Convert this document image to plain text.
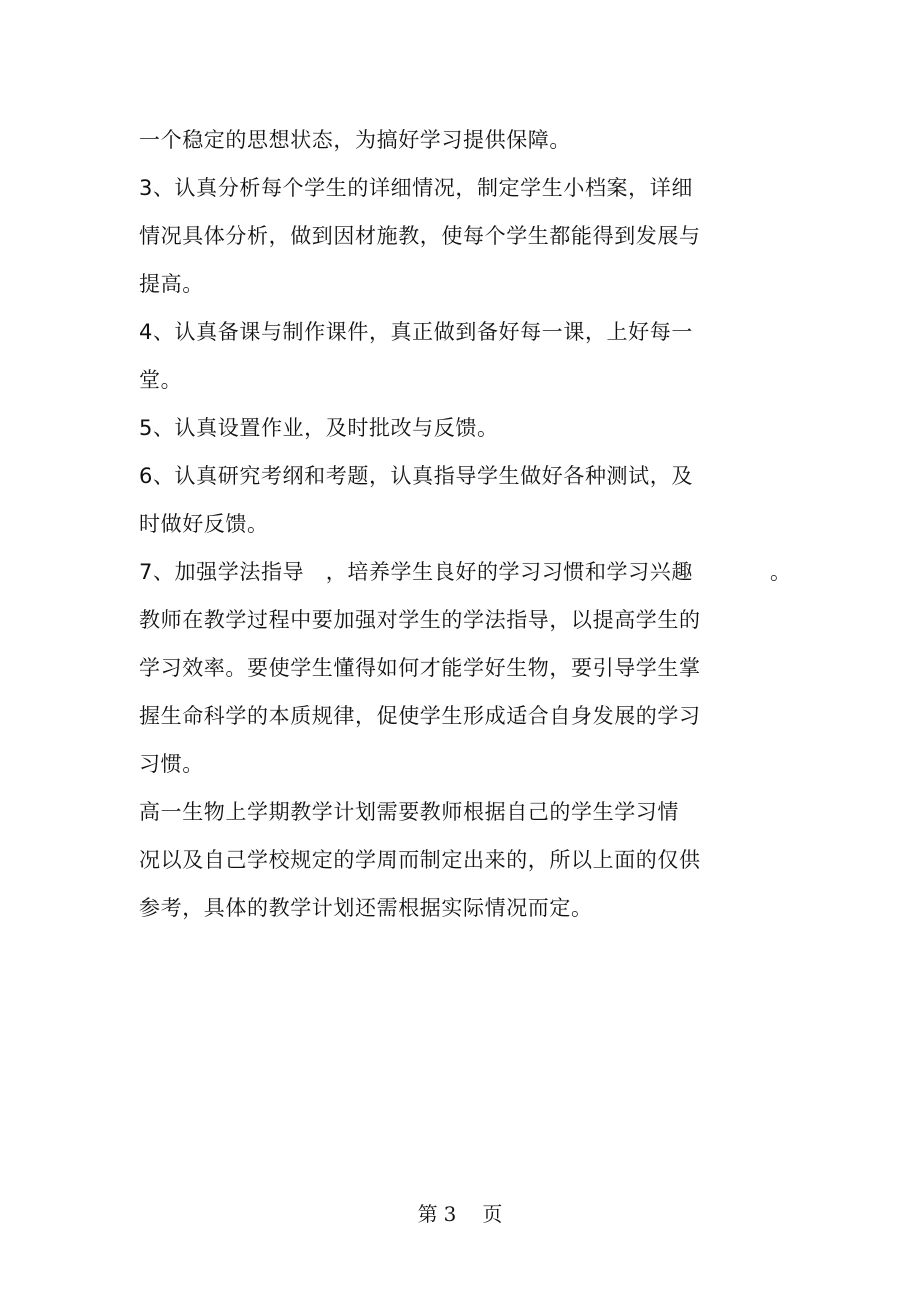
一个稳定的思想状态，为搞好学习提供保障。
3、认真分析每个学生的详细情况，制定学生小档案，详细
情况具体分析，做到因材施教，使每个学生都能得到发展与
提高。
4、认真备课与制作课件，真正做到备好每一课，上好每一
堂。
5、认真设置作业，及时批改与反馈。
6、认真研究考纲和考题，认真指导学生做好各种测试，及
时做好反馈。
7、加强学法指导　，培养学生良好的学习习惯和学习兴趣	。
教师在教学过程中要加强对学生的学法指导，以提高学生的
学习效率。要使学生懂得如何才能学好生物，要引导学生掌
握生命科学的本质规律，促使学生形成适合自身发展的学习
习惯。
高一生物上学期教学计划需要教师根据自己的学生学习情
况以及自己学校规定的学周而制定出来的，所以上面的仅供
参考，具体的教学计划还需根据实际情况而定。
第 3 页
